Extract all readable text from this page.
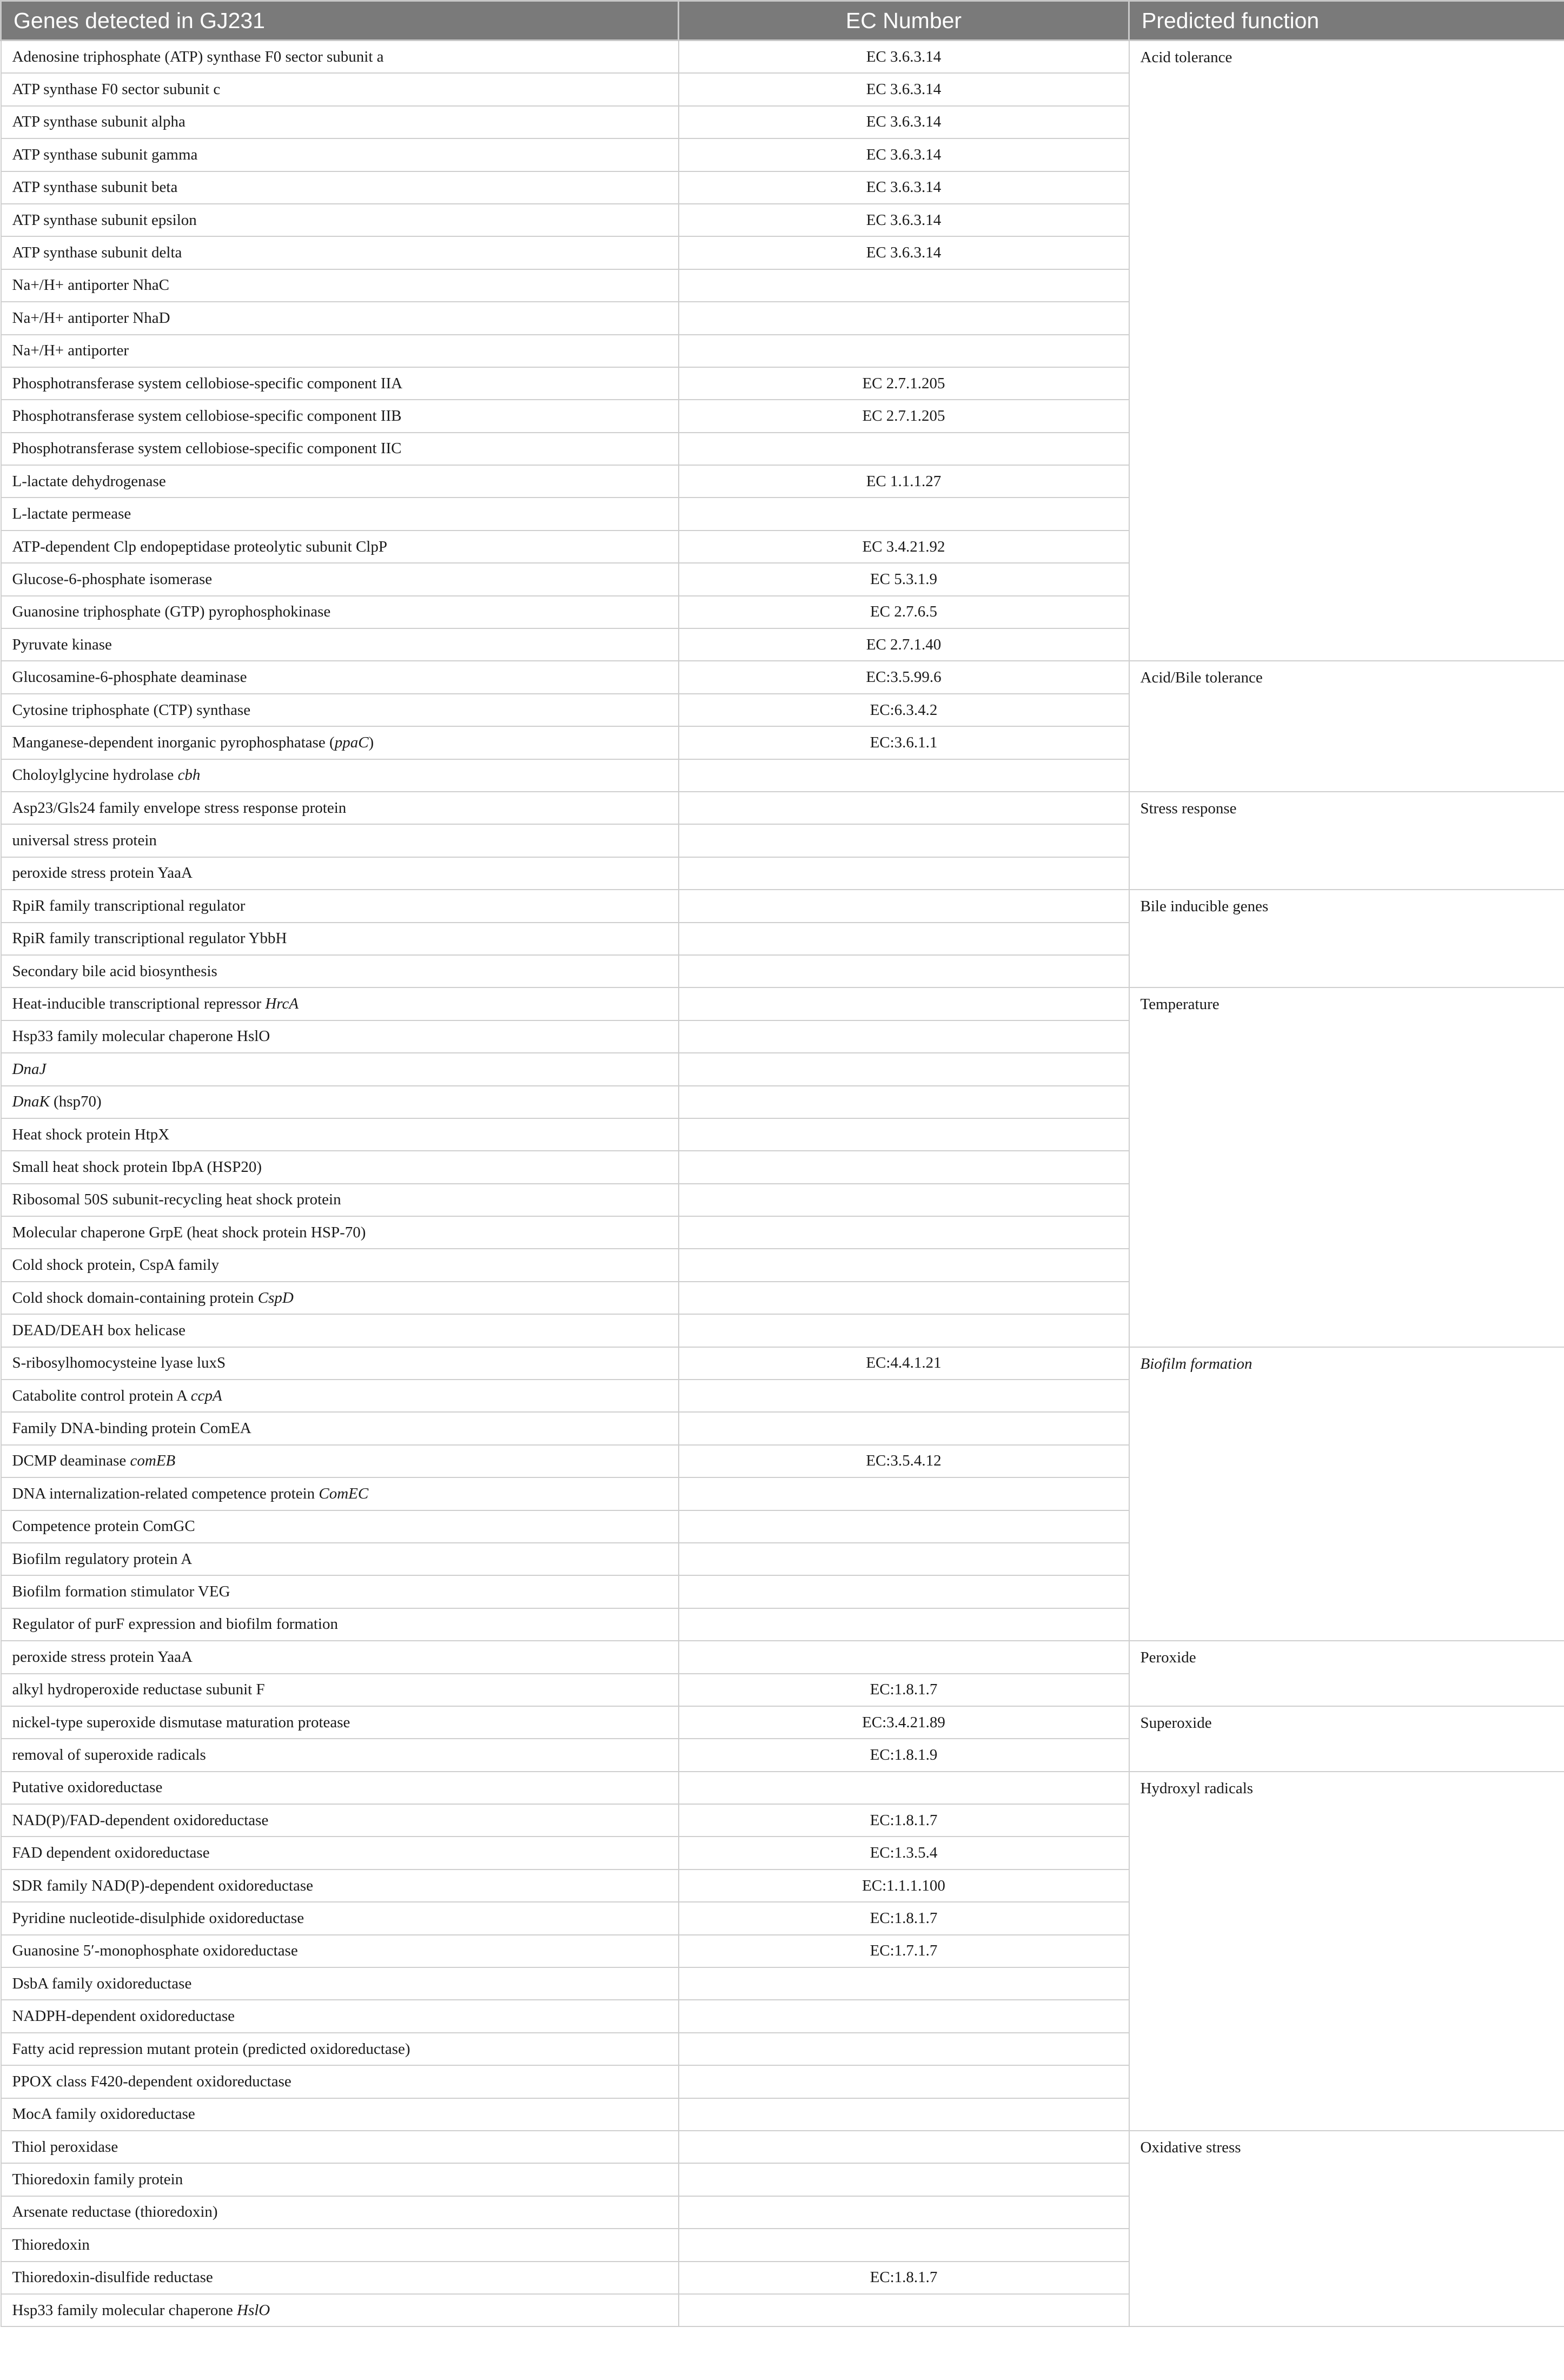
Genes detected in GJ231	EC Number	Predicted function
Adenosine triphosphate (ATP) synthase F0 sector subunit a	EC 3.6.3.14	Acid tolerance
ATP synthase F0 sector subunit c	EC 3.6.3.14	
ATP synthase subunit alpha	EC 3.6.3.14	
ATP synthase subunit gamma	EC 3.6.3.14	
ATP synthase subunit beta	EC 3.6.3.14	
ATP synthase subunit epsilon	EC 3.6.3.14	
ATP synthase subunit delta	EC 3.6.3.14	
Na+/H+ antiporter NhaC		
Na+/H+ antiporter NhaD		
Na+/H+ antiporter		
Phosphotransferase system cellobiose-specific component IIA	EC 2.7.1.205	
Phosphotransferase system cellobiose-specific component IIB	EC 2.7.1.205	
Phosphotransferase system cellobiose-specific component IIC		
L-lactate dehydrogenase	EC 1.1.1.27	
L-lactate permease		
ATP-dependent Clp endopeptidase proteolytic subunit ClpP	EC 3.4.21.92	
Glucose-6-phosphate isomerase	EC 5.3.1.9	
Guanosine triphosphate (GTP) pyrophosphokinase	EC 2.7.6.5	
Pyruvate kinase	EC 2.7.1.40	
Glucosamine-6-phosphate deaminase	EC:3.5.99.6	Acid/Bile tolerance
Cytosine triphosphate (CTP) synthase	EC:6.3.4.2	
Manganese-dependent inorganic pyrophosphatase (ppaC)	EC:3.6.1.1	
Choloylglycine hydrolase cbh		
Asp23/Gls24 family envelope stress response protein		Stress response
universal stress protein		
peroxide stress protein YaaA		
RpiR family transcriptional regulator		Bile inducible genes
RpiR family transcriptional regulator YbbH		
Secondary bile acid biosynthesis		
Heat-inducible transcriptional repressor HrcA		Temperature
Hsp33 family molecular chaperone HslO		
DnaJ		
DnaK (hsp70)		
Heat shock protein HtpX		
Small heat shock protein IbpA (HSP20)		
Ribosomal 50S subunit-recycling heat shock protein		
Molecular chaperone GrpE (heat shock protein HSP-70)		
Cold shock protein, CspA family		
Cold shock domain-containing protein CspD		
DEAD/DEAH box helicase		
S-ribosylhomocysteine lyase luxS	EC:4.4.1.21	Biofilm formation
Catabolite control protein A ccpA		
Family DNA-binding protein ComEA		
DCMP deaminase comEB	EC:3.5.4.12	
DNA internalization-related competence protein ComEC		
Competence protein ComGC		
Biofilm regulatory protein A		
Biofilm formation stimulator VEG		
Regulator of purF expression and biofilm formation		
peroxide stress protein YaaA		Peroxide
alkyl hydroperoxide reductase subunit F	EC:1.8.1.7	
nickel-type superoxide dismutase maturation protease	EC:3.4.21.89	Superoxide
removal of superoxide radicals	EC:1.8.1.9	
Putative oxidoreductase		Hydroxyl radicals
NAD(P)/FAD-dependent oxidoreductase	EC:1.8.1.7	
FAD dependent oxidoreductase	EC:1.3.5.4	
SDR family NAD(P)-dependent oxidoreductase	EC:1.1.1.100	
Pyridine nucleotide-disulphide oxidoreductase	EC:1.8.1.7	
Guanosine 5′-monophosphate oxidoreductase	EC:1.7.1.7	
DsbA family oxidoreductase		
NADPH-dependent oxidoreductase		
Fatty acid repression mutant protein (predicted oxidoreductase)		
PPOX class F420-dependent oxidoreductase		
MocA family oxidoreductase		
Thiol peroxidase		Oxidative stress
Thioredoxin family protein		
Arsenate reductase (thioredoxin)		
Thioredoxin		
Thioredoxin-disulfide reductase	EC:1.8.1.7	
Hsp33 family molecular chaperone HslO		
